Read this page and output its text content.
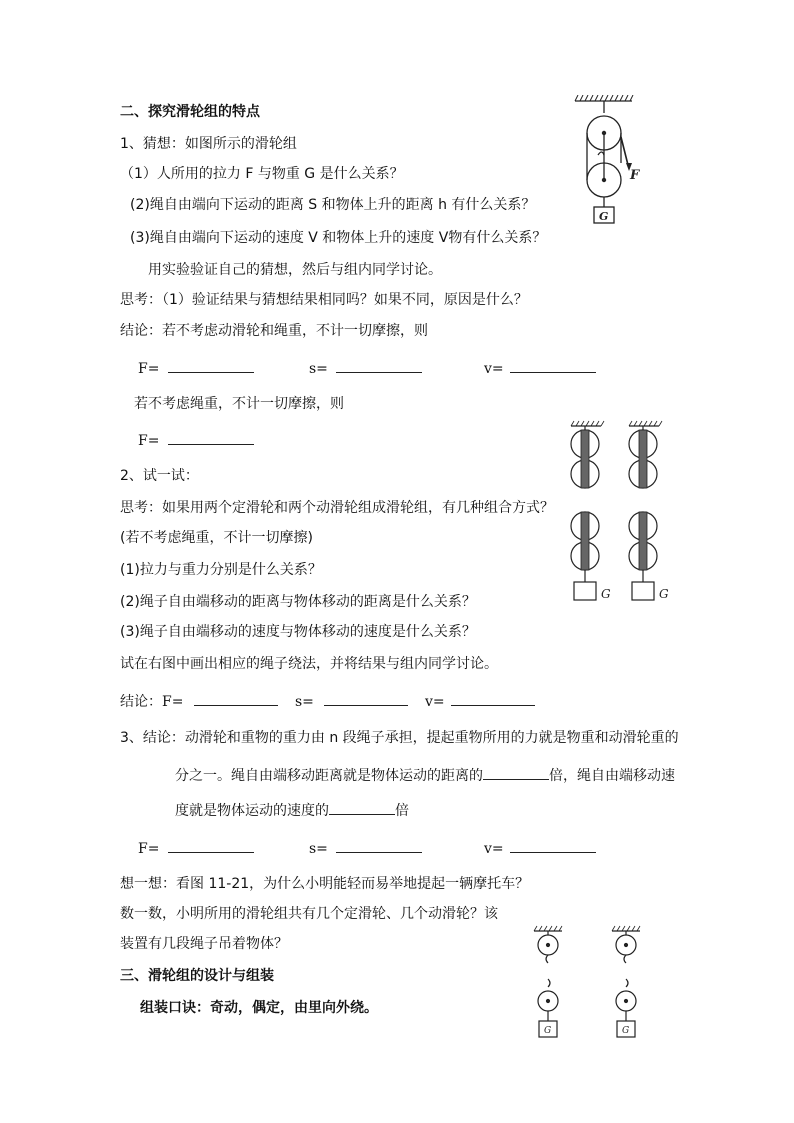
二、探究滑轮组的特点
1、猜想：如图所示的滑轮组
（1）人所用的拉力 F 与物重 G 是什么关系？
(2)绳自由端向下运动的距离 S 和物体上升的距离 h 有什么关系？
(3)绳自由端向下运动的速度 V 和物体上升的速度 V物有什么关系？
用实验验证自己的猜想，然后与组内同学讨论。
思考：（1）验证结果与猜想结果相同吗？如果不同，原因是什么？
结论：若不考虑动滑轮和绳重，不计一切摩擦，则
F=	s=	v=
若不考虑绳重，不计一切摩擦，则
F=
2、试一试：
思考：如果用两个定滑轮和两个动滑轮组成滑轮组，有几种组合方式？
(若不考虑绳重，不计一切摩擦)
(1)拉力与重力分别是什么关系？
(2)绳子自由端移动的距离与物体移动的距离是什么关系？
(3)绳子自由端移动的速度与物体移动的速度是什么关系？
试在右图中画出相应的绳子绕法，并将结果与组内同学讨论。
结论：F=	s=	v=
3、结论：动滑轮和重物的重力由 n 段绳子承担，提起重物所用的力就是物重和动滑轮重的
分之一。绳自由端移动距离就是物体运动的距离的	倍，绳自由端移动速
度就是物体运动的速度的	倍
F=	s=	v=
想一想：看图 11-21，为什么小明能轻而易举地提起一辆摩托车？
数一数，小明所用的滑轮组共有几个定滑轮、几个动滑轮？该
装置有几段绳子吊着物体？
三、滑轮组的设计与组装
组装口诀：奇动，偶定，由里向外绕。
F
G
G	G
G	G
